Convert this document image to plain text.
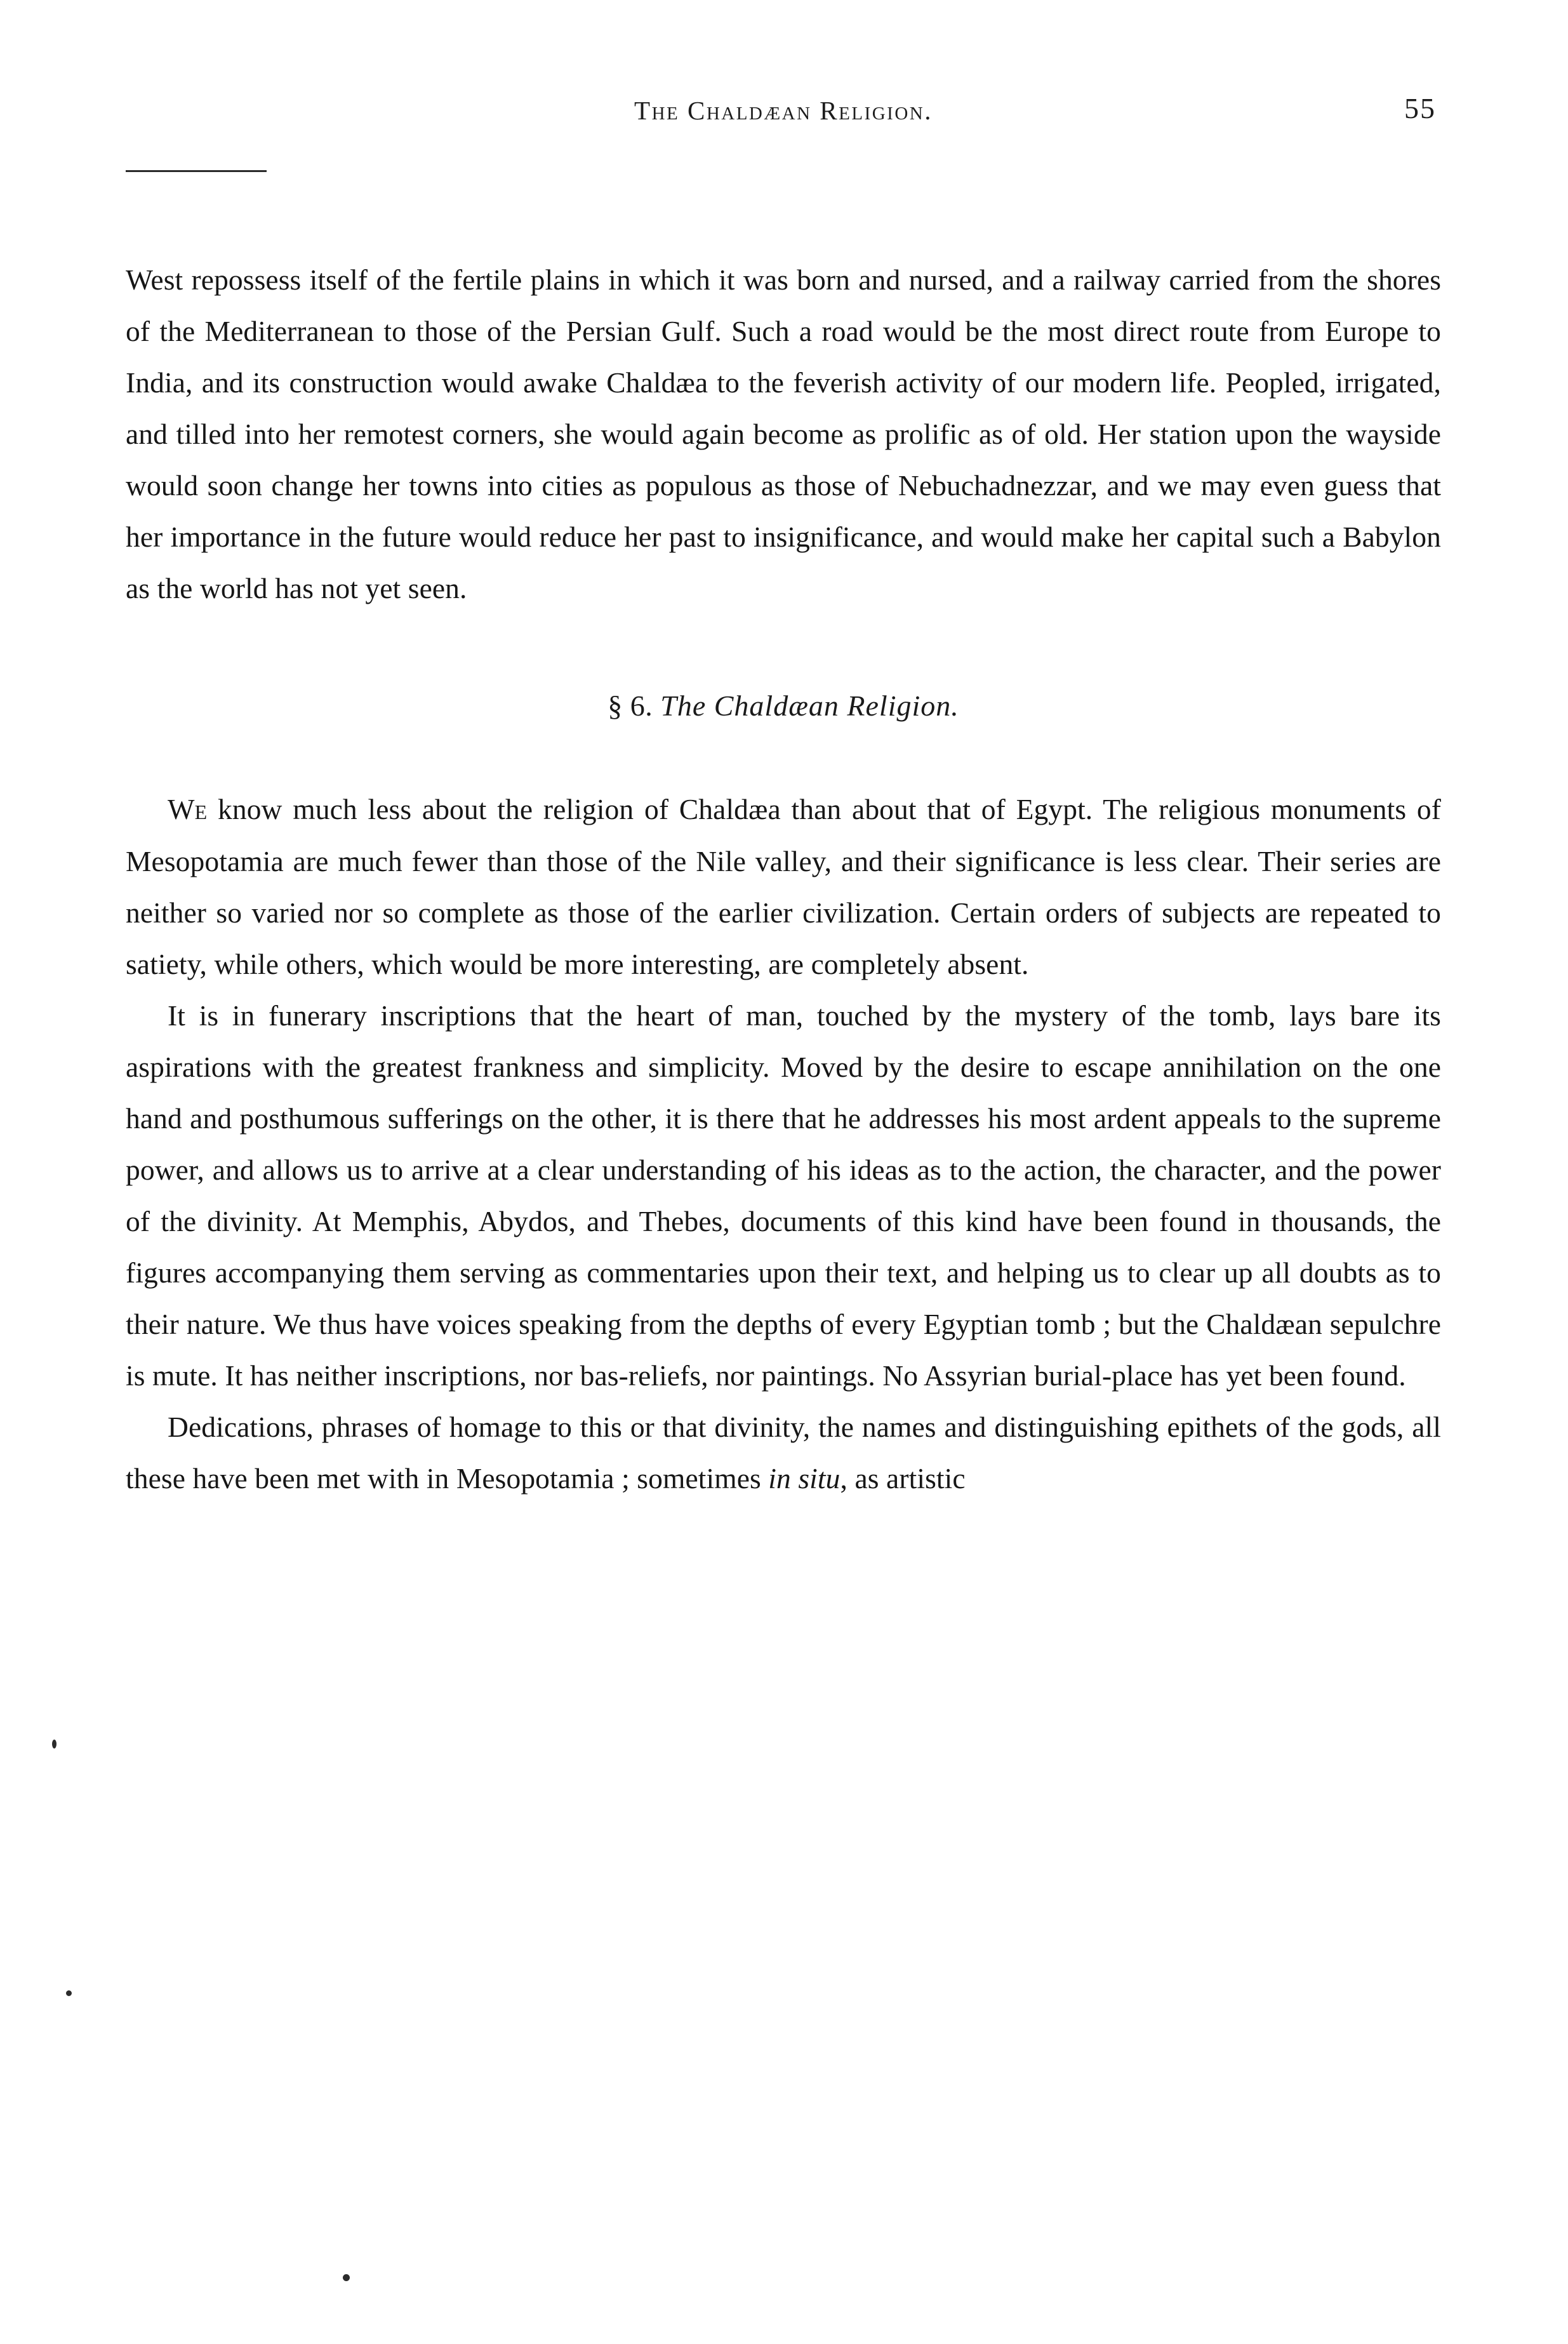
The Chaldæan Religion.	55

West repossess itself of the fertile plains in which it was born and nursed, and a railway carried from the shores of the Mediterranean to those of the Persian Gulf. Such a road would be the most direct route from Europe to India, and its construction would awake Chaldæa to the feverish activity of our modern life. Peopled, irrigated, and tilled into her remotest corners, she would again become as prolific as of old. Her station upon the wayside would soon change her towns into cities as populous as those of Nebuchadnezzar, and we may even guess that her importance in the future would reduce her past to insignificance, and would make her capital such a Babylon as the world has not yet seen.

§ 6. The Chaldæan Religion.

We know much less about the religion of Chaldæa than about that of Egypt. The religious monuments of Mesopotamia are much fewer than those of the Nile valley, and their significance is less clear. Their series are neither so varied nor so complete as those of the earlier civilization. Certain orders of subjects are repeated to satiety, while others, which would be more interesting, are completely absent.

It is in funerary inscriptions that the heart of man, touched by the mystery of the tomb, lays bare its aspirations with the greatest frankness and simplicity. Moved by the desire to escape annihilation on the one hand and posthumous sufferings on the other, it is there that he addresses his most ardent appeals to the supreme power, and allows us to arrive at a clear understanding of his ideas as to the action, the character, and the power of the divinity. At Memphis, Abydos, and Thebes, documents of this kind have been found in thousands, the figures accompanying them serving as commentaries upon their text, and helping us to clear up all doubts as to their nature. We thus have voices speaking from the depths of every Egyptian tomb ; but the Chaldæan sepulchre is mute. It has neither inscriptions, nor bas-reliefs, nor paintings. No Assyrian burial-place has yet been found.

Dedications, phrases of homage to this or that divinity, the names and distinguishing epithets of the gods, all these have been met with in Mesopotamia ; sometimes in situ, as artistic
